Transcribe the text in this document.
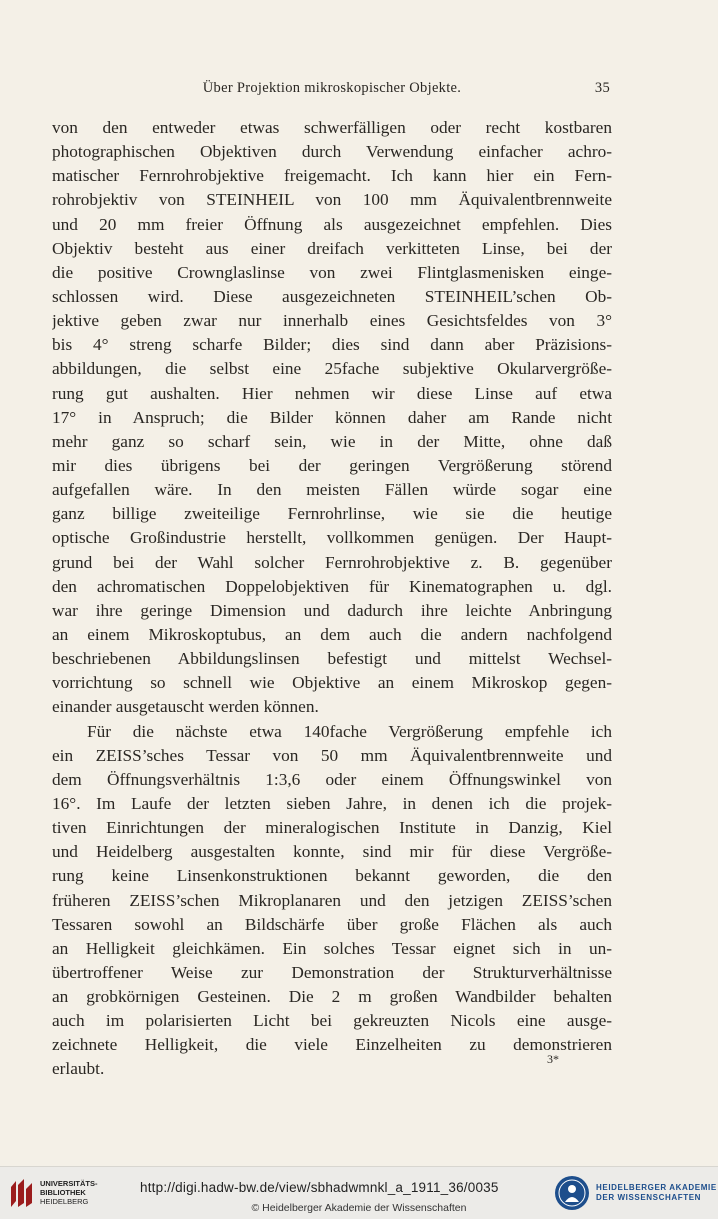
Über Projektion mikroskopischer Objekte.	35
von den entweder etwas schwerfälligen oder recht kostbaren
photographischen Objektiven durch Verwendung einfacher achro-
matischer Fernrohrobjektive freigemacht. Ich kann hier ein Fern-
rohrobjektiv von STEINHEIL von 100 mm Äquivalentbrennweite
und 20 mm freier Öffnung als ausgezeichnet empfehlen. Dies
Objektiv besteht aus einer dreifach verkitteten Linse, bei der
die positive Crownglaslinse von zwei Flintglasmenisken einge-
schlossen wird. Diese ausgezeichneten STEINHEIL’schen Ob-
jektive geben zwar nur innerhalb eines Gesichtsfeldes von 3°
bis 4° streng scharfe Bilder; dies sind dann aber Präzisions-
abbildungen, die selbst eine 25fache subjektive Okularvergröße-
rung gut aushalten. Hier nehmen wir diese Linse auf etwa
17° in Anspruch; die Bilder können daher am Rande nicht
mehr ganz so scharf sein, wie in der Mitte, ohne daß
mir dies übrigens bei der geringen Vergrößerung störend
aufgefallen wäre. In den meisten Fällen würde sogar eine
ganz billige zweiteilige Fernrohrlinse, wie sie die heutige
optische Großindustrie herstellt, vollkommen genügen. Der Haupt-
grund bei der Wahl solcher Fernrohrobjektive z. B. gegenüber
den achromatischen Doppelobjektiven für Kinematographen u. dgl.
war ihre geringe Dimension und dadurch ihre leichte Anbringung
an einem Mikroskoptubus, an dem auch die andern nachfolgend
beschriebenen Abbildungslinsen befestigt und mittelst Wechsel-
vorrichtung so schnell wie Objektive an einem Mikroskop gegen-
einander ausgetauscht werden können.
Für die nächste etwa 140fache Vergrößerung empfehle ich
ein ZEISS’sches Tessar von 50 mm Äquivalentbrennweite und
dem Öffnungsverhältnis 1:3,6 oder einem Öffnungswinkel von
16°. Im Laufe der letzten sieben Jahre, in denen ich die projek-
tiven Einrichtungen der mineralogischen Institute in Danzig, Kiel
und Heidelberg ausgestalten konnte, sind mir für diese Vergröße-
rung keine Linsenkonstruktionen bekannt geworden, die den
früheren ZEISS’schen Mikroplanaren und den jetzigen ZEISS’schen
Tessaren sowohl an Bildschärfe über große Flächen als auch
an Helligkeit gleichkämen. Ein solches Tessar eignet sich in un-
übertroffener Weise zur Demonstration der Strukturverhältnisse
an grobkörnigen Gesteinen. Die 2 m großen Wandbilder behalten
auch im polarisierten Licht bei gekreuzten Nicols eine ausge-
zeichnete Helligkeit, die viele Einzelheiten zu demonstrieren
erlaubt.
3*
UNIVERSITÄTS-
BIBLIOTHEK
HEIDELBERG
http://digi.hadw-bw.de/view/sbhadwmnkl_a_1911_36/0035
© Heidelberger Akademie der Wissenschaften
HEIDELBERGER AKADEMIE
DER WISSENSCHAFTEN
